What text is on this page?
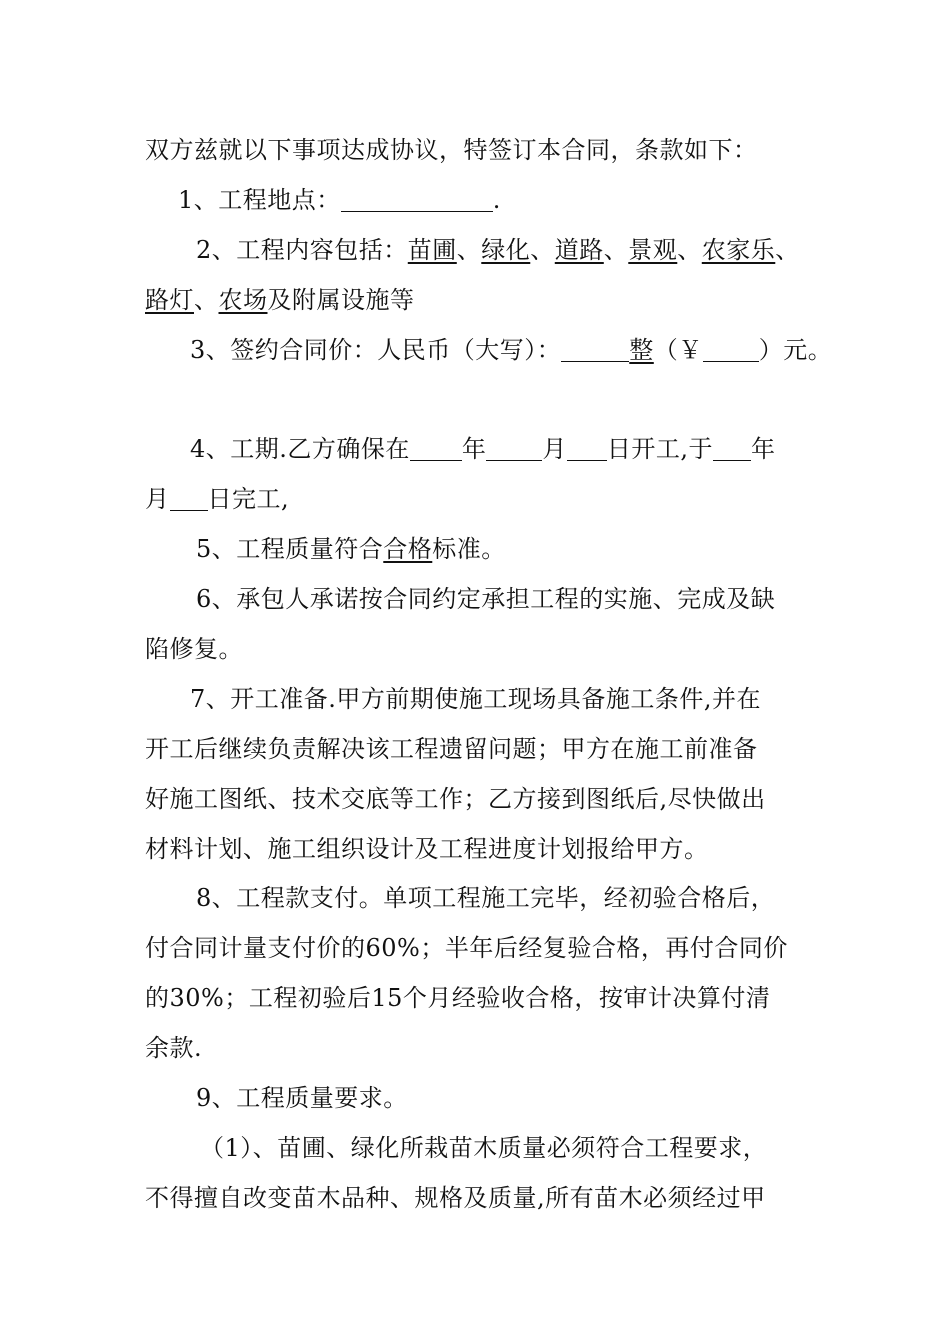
双方兹就以下事项达成协议，特签订本合同，条款如下：
1、工程地点：	.
2、工程内容包括：苗圃、绿化、道路、景观、农家乐、
路灯、农场及附属设施等
3、签约合同价：人民币（大写）：	整（￥ ）元。
4、工期.乙方确保在 年 月 日开工,于 年
月 日完工,
5、工程质量符合合格标准。
6、承包人承诺按合同约定承担工程的实施、完成及缺
陷修复。
7、开工准备.甲方前期使施工现场具备施工条件,并在
开工后继续负责解决该工程遗留问题；甲方在施工前准备
好施工图纸、技术交底等工作；乙方接到图纸后,尽快做出
材料计划、施工组织设计及工程进度计划报给甲方。
8、工程款支付。单项工程施工完毕，经初验合格后，
付合同计量支付价的60%；半年后经复验合格，再付合同价
的30%；工程初验后15个月经验收合格，按审计决算付清
余款.
9、工程质量要求。
（1）、苗圃、绿化所栽苗木质量必须符合工程要求，
不得擅自改变苗木品种、规格及质量,所有苗木必须经过甲
